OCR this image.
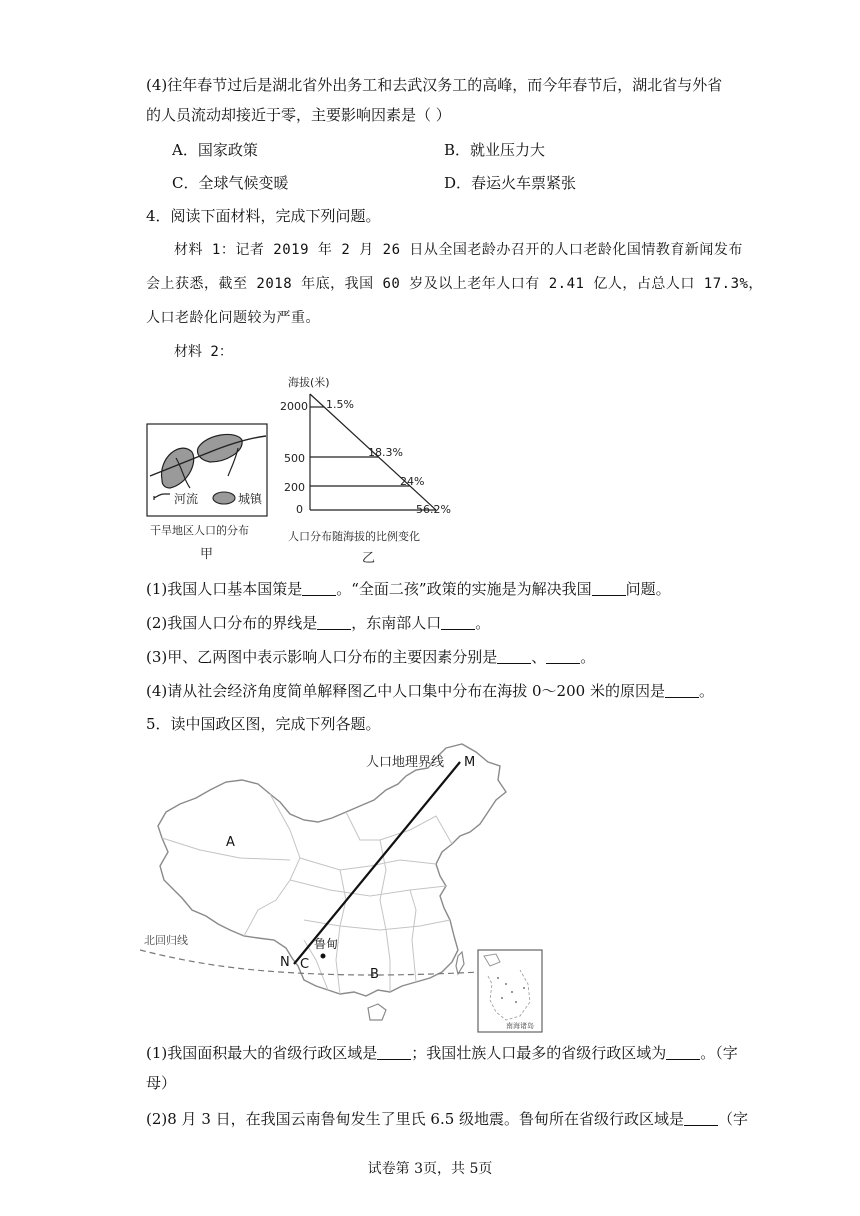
(4)往年春节过后是湖北省外出务工和去武汉务工的高峰，而今年春节后，湖北省与外省
的人员流动却接近于零，主要影响因素是（ ）
A．国家政策	B．就业压力大
C．全球气候变暖	D．春运火车票紧张
4．阅读下面材料，完成下列问题。
材料 1：记者 2019 年 2 月 26 日从全国老龄办召开的人口老龄化国情教育新闻发布
会上获悉，截至 2018 年底，我国 60 岁及以上老年人口有 2.41 亿人，占总人口 17.3%，
人口老龄化问题较为严重。
材料 2：
河流	城镇
干旱地区人口的分布
甲
海拔(米)
2000
500
200
0
1.5%
18.3%
24%
56.2%
人口分布随海拔的比例变化
乙
(1)我国人口基本国策是 。“全面二孩”政策的实施是为解决我国 问题。
(2)我国人口分布的界线是 ，东南部人口 。
(3)甲、乙两图中表示影响人口分布的主要因素分别是 、 。
(4)请从社会经济角度简单解释图乙中人口集中分布在海拔 0～200 米的原因是 。
5．读中国政区图，完成下列各题。
北回归线
人口地理界线 M
N
A
B
C
鲁甸
南海诸岛
(1)我国面积最大的省级行政区域是 ；我国壮族人口最多的省级行政区域为 。（字
母）
(2)8 月 3 日，在我国云南鲁甸发生了里氏 6.5 级地震。鲁甸所在省级行政区域是 （字
试卷第 3页，共 5页
